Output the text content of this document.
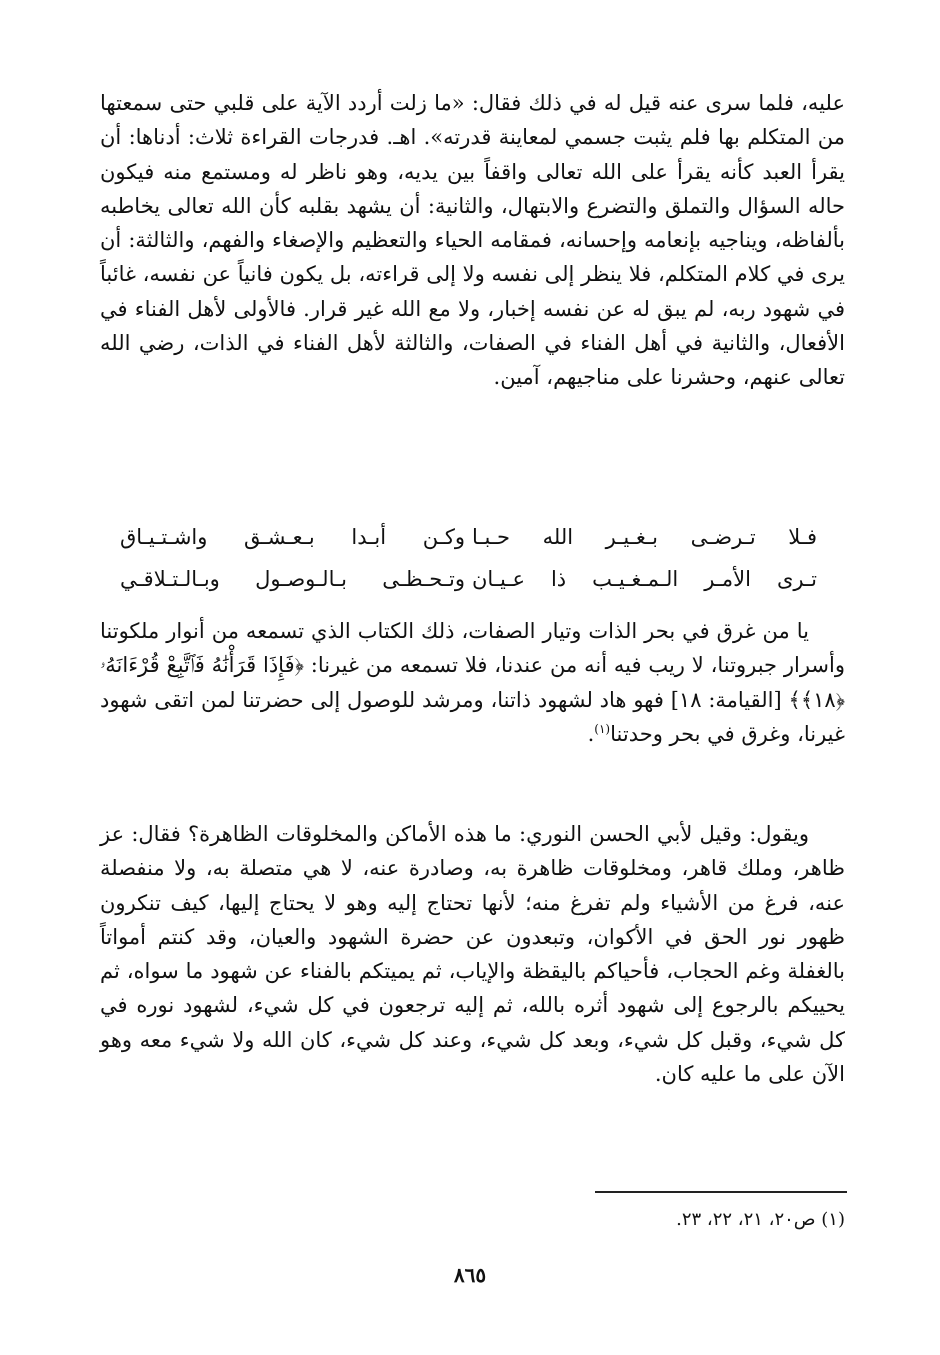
عليه، فلما سرى عنه قيل له في ذلك فقال: «ما زلت أردد الآية على قلبي حتى سمعتها من المتكلم بها فلم يثبت جسمي لمعاينة قدرته». اهـ. فدرجات القراءة ثلاث: أدناها: أن يقرأ العبد كأنه يقرأ على الله تعالى واقفاً بين يديه، وهو ناظر له ومستمع منه فيكون حاله السؤال والتملق والتضرع والابتهال، والثانية: أن يشهد بقلبه كأن الله تعالى يخاطبه بألفاظه، ويناجيه بإنعامه وإحسانه، فمقامه الحياء والتعظيم والإصغاء والفهم، والثالثة: أن يرى في كلام المتكلم، فلا ينظر إلى نفسه ولا إلى قراءته، بل يكون فانياً عن نفسه، غائباً في شهود ربه، لم يبق له عن نفسه إخبار، ولا مع الله غير قرار. فالأولى لأهل الفناء في الأفعال، والثانية في أهل الفناء في الصفات، والثالثة لأهل الفناء في الذات، رضي الله تعالى عنهم، وحشرنا على مناجيهم، آمين.

فـلا تـرضـى بـغـيـر الله حـبـا
وكـن أبـدا بـعـشـق واشـتـيـاق
تـرى الأمـر الـمـغـيـب ذا عـيـان
وتـحـظـى بـالـوصـول وبـالـتـلاقـي

يا من غرق في بحر الذات وتيار الصفات، ذلك الكتاب الذي تسمعه من أنوار ملكوتنا وأسرار جبروتنا، لا ريب فيه أنه من عندنا، فلا تسمعه من غيرنا: ﴿فَإِذَا قَرَأْنَٰهُ فَٱتَّبِعْ قُرْءَانَهُۥ ﴿١٨﴾﴾ [القيامة: ١٨] فهو هاد لشهود ذاتنا، ومرشد للوصول إلى حضرتنا لمن اتقى شهود غيرنا، وغرق في بحر وحدتنا$^{(١)}$.

ويقول: وقيل لأبي الحسن النوري: ما هذه الأماكن والمخلوقات الظاهرة؟ فقال: عز ظاهر، وملك قاهر، ومخلوقات ظاهرة به، وصادرة عنه، لا هي متصلة به، ولا منفصلة عنه، فرغ من الأشياء ولم تفرغ منه؛ لأنها تحتاج إليه وهو لا يحتاج إليها، كيف تنكرون ظهور نور الحق في الأكوان، وتبعدون عن حضرة الشهود والعيان، وقد كنتم أمواتاً بالغفلة وغم الحجاب، فأحياكم باليقظة والإياب، ثم يميتكم بالفناء عن شهود ما سواه، ثم يحييكم بالرجوع إلى شهود أثره بالله، ثم إليه ترجعون في كل شيء، لشهود نوره في كل شيء، وقبل كل شيء، وبعد كل شيء، وعند كل شيء، كان الله ولا شيء معه وهو الآن على ما عليه كان.

(١) ص٢٠، ٢١، ٢٢، ٢٣.
٨٦٥
